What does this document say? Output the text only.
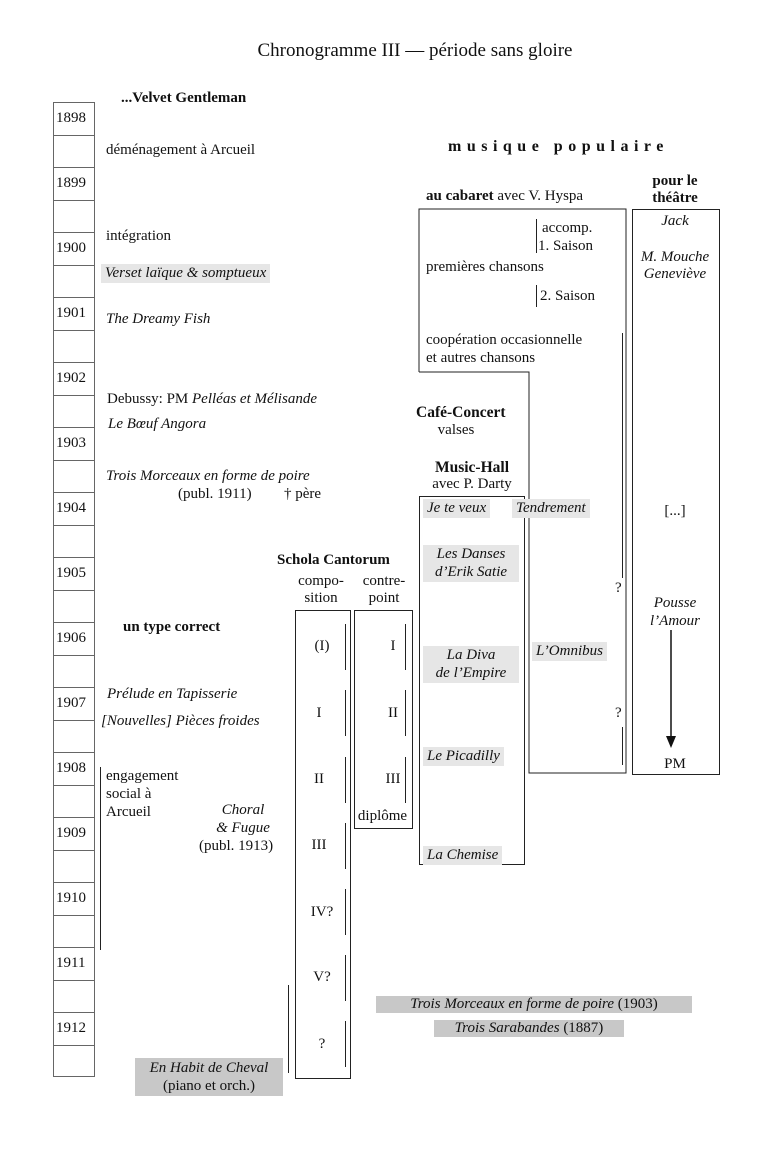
Chronogramme III — période sans gloire
1898
1899
1900
1901
1902
1903
1904
1905
1906
1907
1908
1909
1910
1911
1912
...Velvet Gentleman
déménagement à Arcueil
intégration
Verset laïque & somptueux
The Dreamy Fish
Debussy: PM Pelléas et Mélisande
Le Bœuf Angora
Trois Morceaux en forme de poire
(publ. 1911) † père
un type correct
Prélude en Tapisserie
[Nouvelles] Pièces froides
engagement
social à
Arcueil	Choral
& Fugue
(publ. 1913)
En Habit de Cheval
(piano et orch.)
Schola Cantorum
compo-
sition
contre-
point
(I)
I
II
III
IV?
V?
?
I
II
III
diplôme
musique populaire
au cabaret avec V. Hyspa
accomp.
1. Saison
premières chansons
2. Saison
coopération occasionnelle
et autres chansons
?
?
Café-Concert
valses
Music-Hall
avec P. Darty
Je te veux
Les Danses
d’Erik Satie
La Diva
de l’Empire
Le Picadilly
La Chemise
Tendrement
L’Omnibus
pour le
théâtre
Jack
M. Mouche
Geneviève
[...]
Pousse
l’Amour
PM
Trois Morceaux en forme de poire (1903)
Trois Sarabandes (1887)
